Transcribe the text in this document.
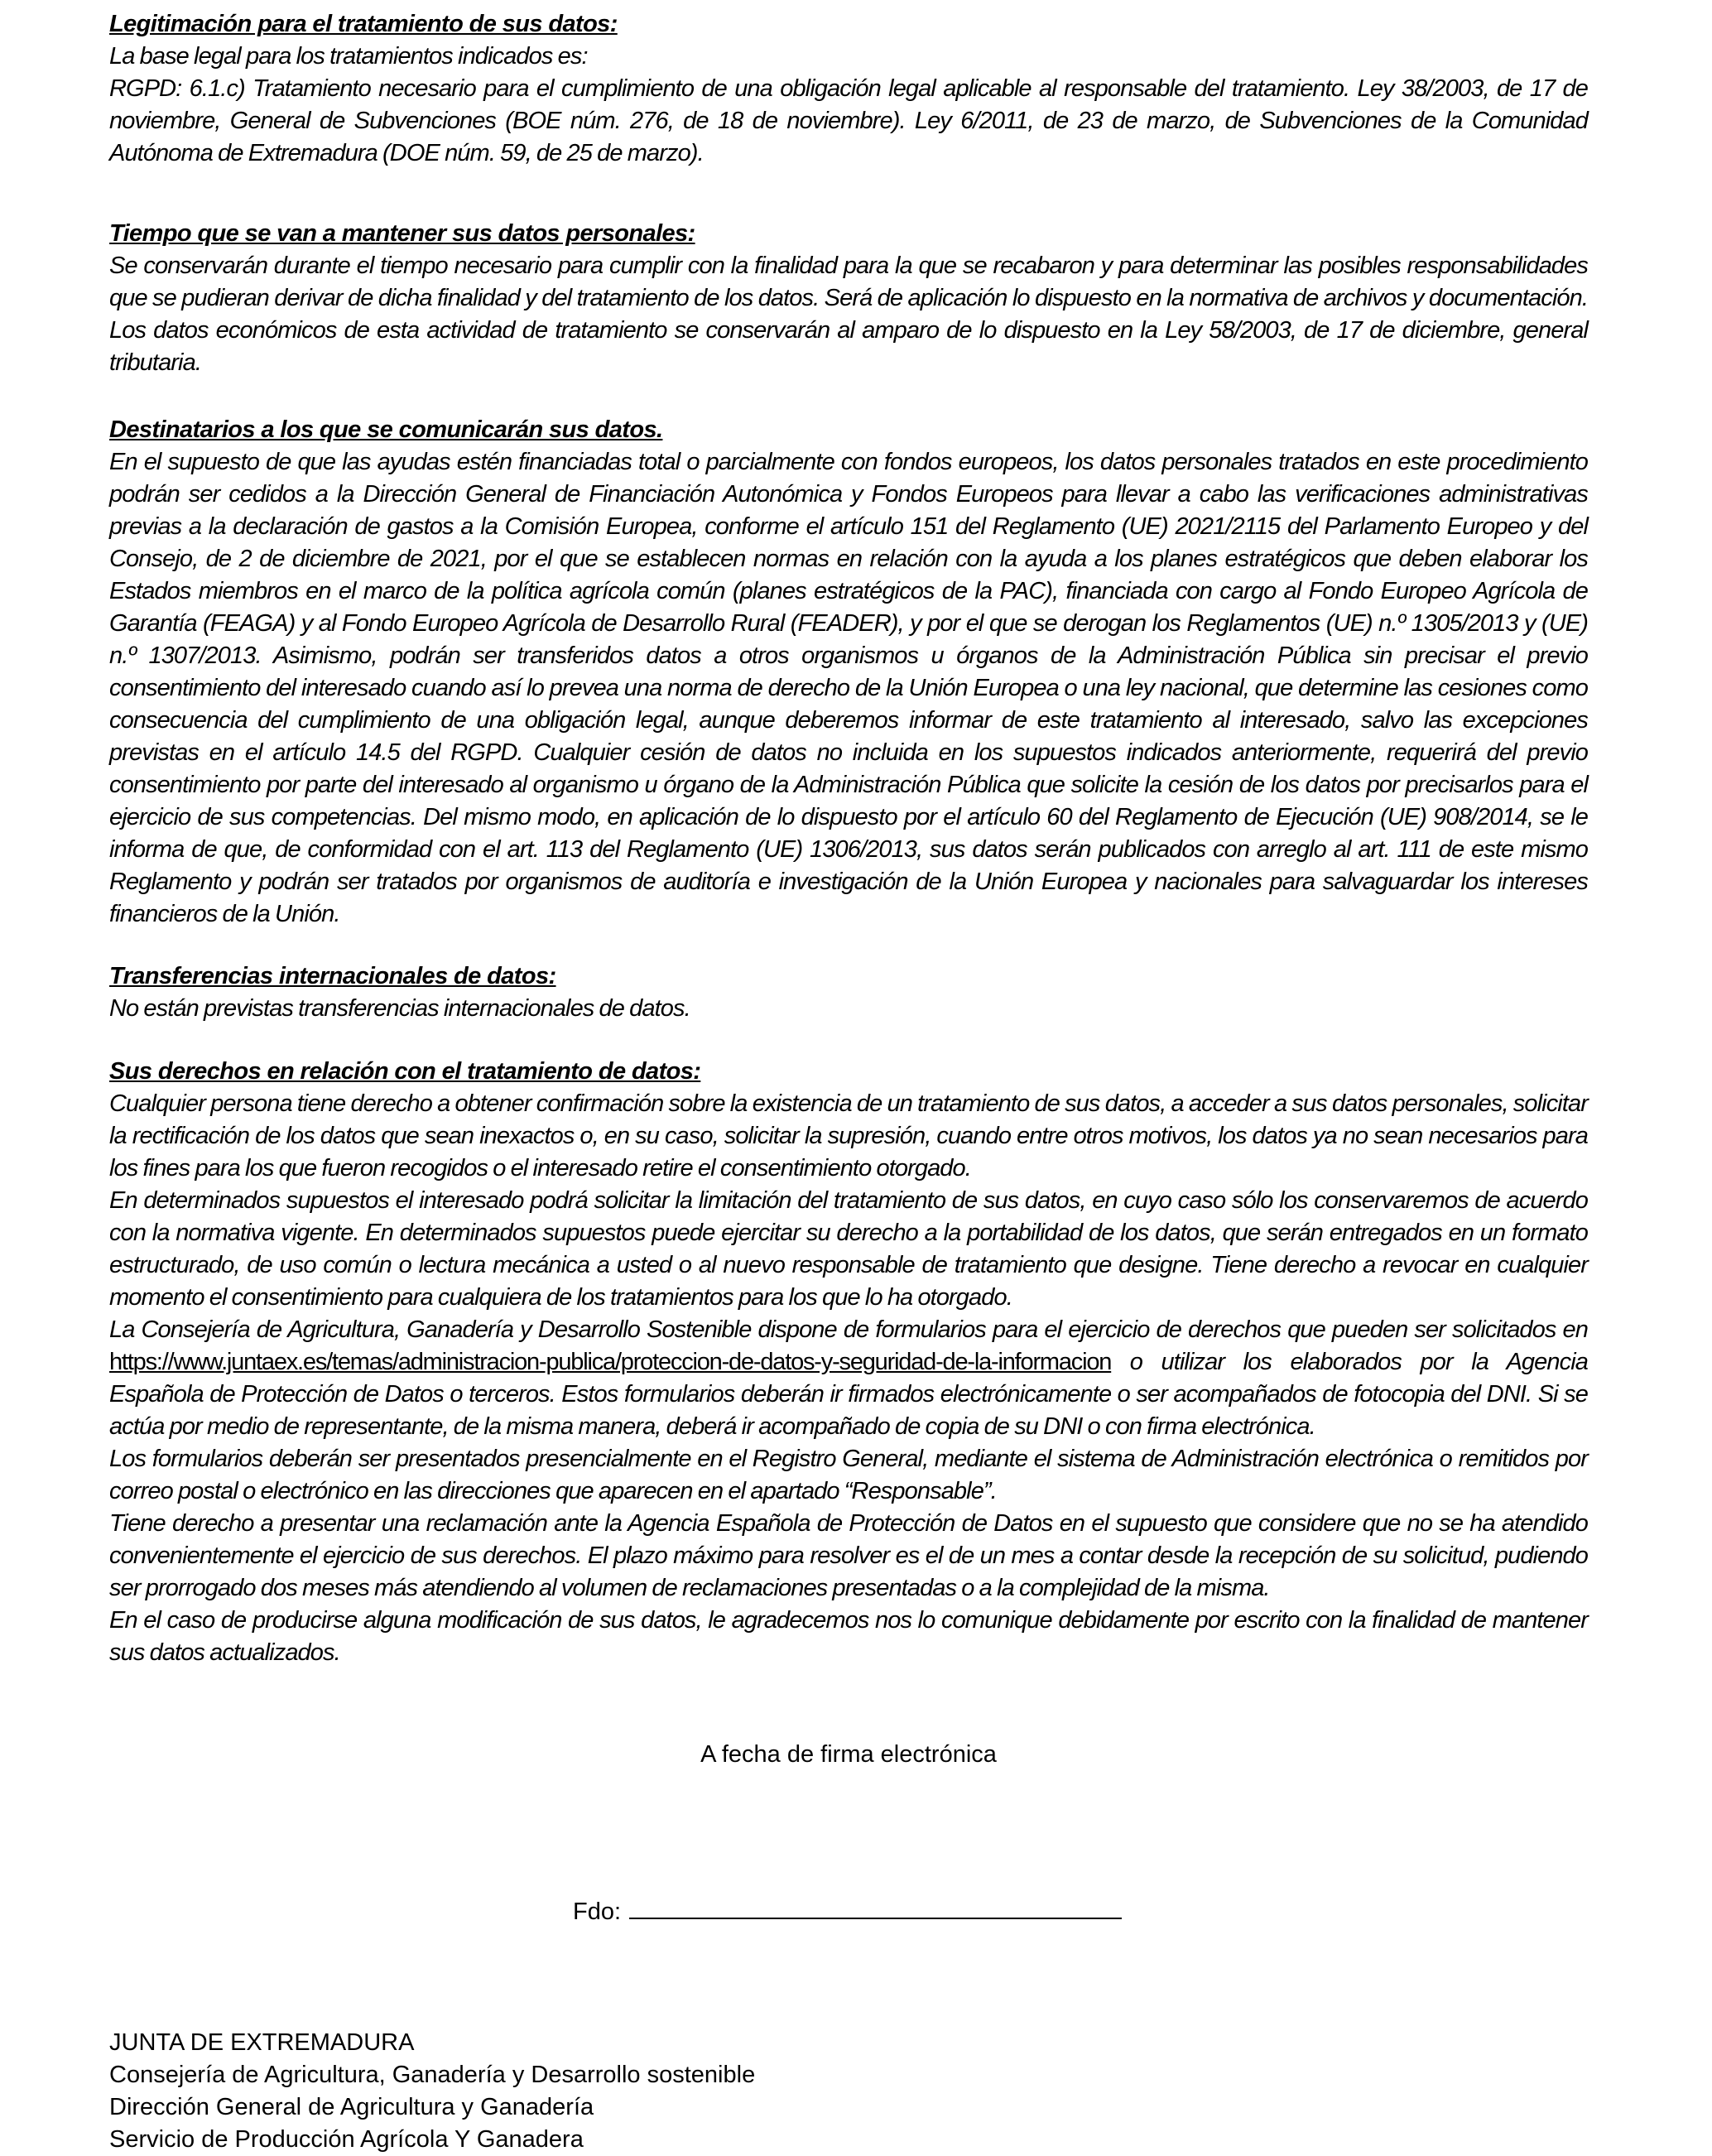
Legitimación para el tratamiento de sus datos:

La base legal para los tratamientos indicados es:

RGPD: 6.1.c) Tratamiento necesario para el cumplimiento de una obligación legal aplicable al responsable del tratamiento. Ley 38/2003, de 17 de noviembre, General de Subvenciones (BOE núm. 276, de 18 de noviembre). Ley 6/2011, de 23 de marzo, de Subvenciones de la Comunidad Autónoma de Extremadura (DOE núm. 59, de 25 de marzo).

Tiempo que se van a mantener sus datos personales:

Se conservarán durante el tiempo necesario para cumplir con la finalidad para la que se recabaron y para determinar las posibles responsabilidades que se pudieran derivar de dicha finalidad y del tratamiento de los datos. Será de aplicación lo dispuesto en la normativa de archivos y documentación. Los datos económicos de esta actividad de tratamiento se conservarán al amparo de lo dispuesto en la Ley 58/2003, de 17 de diciembre, general tributaria.

Destinatarios a los que se comunicarán sus datos.

En el supuesto de que las ayudas estén financiadas total o parcialmente con fondos europeos, los datos personales tratados en este procedimiento podrán ser cedidos a la Dirección General de Financiación Autonómica y Fondos Europeos para llevar a cabo las verificaciones administrativas previas a la declaración de gastos a la Comisión Europea, conforme el artículo 151 del Reglamento (UE) 2021/2115 del Parlamento Europeo y del Consejo, de 2 de diciembre de 2021, por el que se establecen normas en relación con la ayuda a los planes estratégicos que deben elaborar los Estados miembros en el marco de la política agrícola común (planes estratégicos de la PAC), financiada con cargo al Fondo Europeo Agrícola de Garantía (FEAGA) y al Fondo Europeo Agrícola de Desarrollo Rural (FEADER), y por el que se derogan los Reglamentos (UE) n.º 1305/2013 y (UE) n.º 1307/2013. Asimismo, podrán ser transferidos datos a otros organismos u órganos de la Administración Pública sin precisar el previo consentimiento del interesado cuando así lo prevea una norma de derecho de la Unión Europea o una ley nacional, que determine las cesiones como consecuencia del cumplimiento de una obligación legal, aunque deberemos informar de este tratamiento al interesado, salvo las excepciones previstas en el artículo 14.5 del RGPD. Cualquier cesión de datos no incluida en los supuestos indicados anteriormente, requerirá del previo consentimiento por parte del interesado al organismo u órgano de la Administración Pública que solicite la cesión de los datos por precisarlos para el ejercicio de sus competencias. Del mismo modo, en aplicación de lo dispuesto por el artículo 60 del Reglamento de Ejecución (UE) 908/2014, se le informa de que, de conformidad con el art. 113 del Reglamento (UE) 1306/2013, sus datos serán publicados con arreglo al art. 111 de este mismo Reglamento y podrán ser tratados por organismos de auditoría e investigación de la Unión Europea y nacionales para salvaguardar los intereses financieros de la Unión.

Transferencias internacionales de datos:

No están previstas transferencias internacionales de datos.

Sus derechos en relación con el tratamiento de datos:

Cualquier persona tiene derecho a obtener confirmación sobre la existencia de un tratamiento de sus datos, a acceder a sus datos personales, solicitar la rectificación de los datos que sean inexactos o, en su caso, solicitar la supresión, cuando entre otros motivos, los datos ya no sean necesarios para los fines para los que fueron recogidos o el interesado retire el consentimiento otorgado.

En determinados supuestos el interesado podrá solicitar la limitación del tratamiento de sus datos, en cuyo caso sólo los conservaremos de acuerdo con la normativa vigente. En determinados supuestos puede ejercitar su derecho a la portabilidad de los datos, que serán entregados en un formato estructurado, de uso común o lectura mecánica a usted o al nuevo responsable de tratamiento que designe. Tiene derecho a revocar en cualquier momento el consentimiento para cualquiera de los tratamientos para los que lo ha otorgado.

La Consejería de Agricultura, Ganadería y Desarrollo Sostenible dispone de formularios para el ejercicio de derechos que pueden ser solicitados en https://www.juntaex.es/temas/administracion-publica/proteccion-de-datos-y-seguridad-de-la-informacion o utilizar los elaborados por la Agencia Española de Protección de Datos o terceros. Estos formularios deberán ir firmados electrónicamente o ser acompañados de fotocopia del DNI. Si se actúa por medio de representante, de la misma manera, deberá ir acompañado de copia de su DNI o con firma electrónica.

Los formularios deberán ser presentados presencialmente en el Registro General, mediante el sistema de Administración electrónica o remitidos por correo postal o electrónico en las direcciones que aparecen en el apartado “Responsable”.

Tiene derecho a presentar una reclamación ante la Agencia Española de Protección de Datos en el supuesto que considere que no se ha atendido convenientemente el ejercicio de sus derechos. El plazo máximo para resolver es el de un mes a contar desde la recepción de su solicitud, pudiendo ser prorrogado dos meses más atendiendo al volumen de reclamaciones presentadas o a la complejidad de la misma.

En el caso de producirse alguna modificación de sus datos, le agradecemos nos lo comunique debidamente por escrito con la finalidad de mantener sus datos actualizados.

A fecha de firma electrónica
Fdo:
JUNTA DE EXTREMADURA
Consejería de Agricultura, Ganadería y Desarrollo sostenible
Dirección General de Agricultura y Ganadería
Servicio de Producción Agrícola Y Ganadera
